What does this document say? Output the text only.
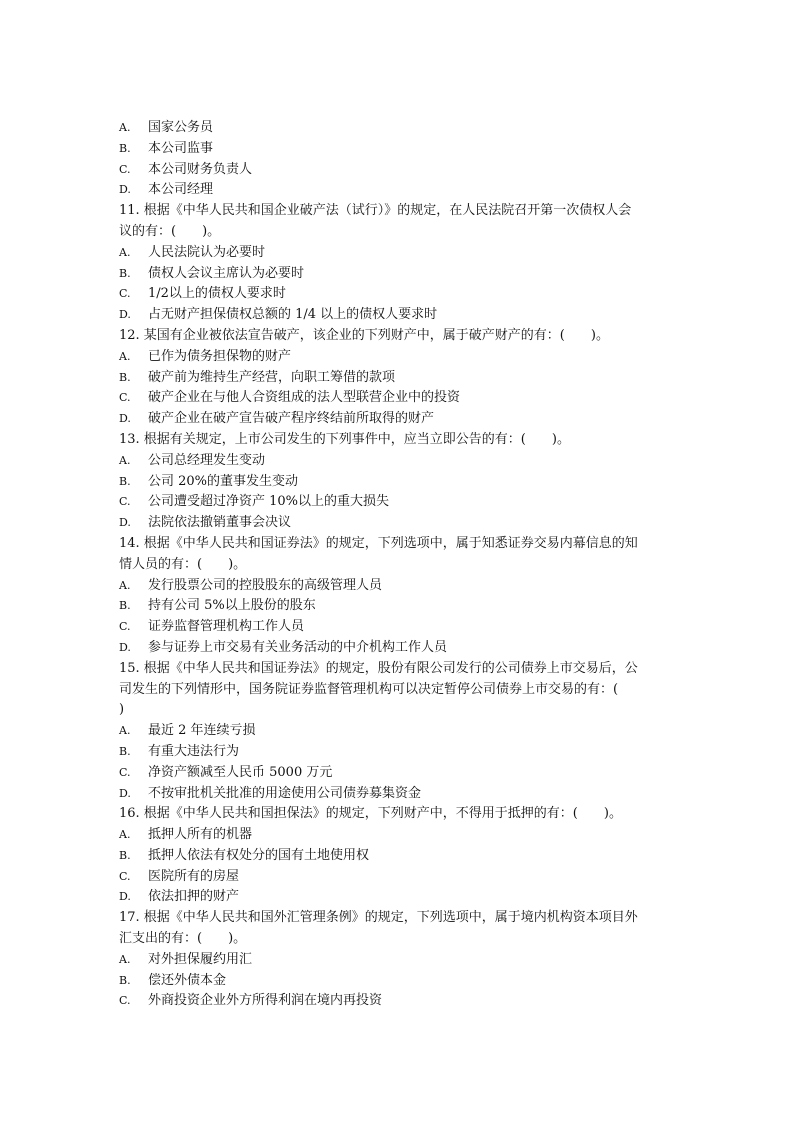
A. 国家公务员
B. 本公司监事
C. 本公司财务负责人
D. 本公司经理
11. 根据《中华人民共和国企业破产法（试行）》的规定，在人民法院召开第一次债权人会
议的有：(　　)。
A. 人民法院认为必要时
B. 债权人会议主席认为必要时
C. 1/2以上的债权人要求时
D. 占无财产担保债权总额的 1/4 以上的债权人要求时
12. 某国有企业被依法宣告破产，该企业的下列财产中，属于破产财产的有：(　　)。
A. 已作为债务担保物的财产
B. 破产前为维持生产经营，向职工筹借的款项
C. 破产企业在与他人合资组成的法人型联营企业中的投资
D. 破产企业在破产宣告破产程序终结前所取得的财产
13. 根据有关规定，上市公司发生的下列事件中，应当立即公告的有：(　　)。
A. 公司总经理发生变动
B. 公司 20%的董事发生变动
C. 公司遭受超过净资产 10%以上的重大损失
D. 法院依法撤销董事会决议
14. 根据《中华人民共和国证券法》的规定，下列选项中，属于知悉证券交易内幕信息的知
情人员的有：(　　)。
A. 发行股票公司的控股股东的高级管理人员
B. 持有公司 5%以上股份的股东
C. 证券监督管理机构工作人员
D. 参与证券上市交易有关业务活动的中介机构工作人员
15. 根据《中华人民共和国证券法》的规定，股份有限公司发行的公司债券上市交易后，公
司发生的下列情形中，国务院证券监督管理机构可以决定暂停公司债券上市交易的有：(
)
A. 最近 2 年连续亏损
B. 有重大违法行为
C. 净资产额减至人民币 5000 万元
D. 不按审批机关批准的用途使用公司债券募集资金
16. 根据《中华人民共和国担保法》的规定，下列财产中，不得用于抵押的有：(　　)。
A. 抵押人所有的机器
B. 抵押人依法有权处分的国有土地使用权
C. 医院所有的房屋
D. 依法扣押的财产
17. 根据《中华人民共和国外汇管理条例》的规定，下列选项中，属于境内机构资本项目外
汇支出的有：(　　)。
A. 对外担保履约用汇
B. 偿还外债本金
C. 外商投资企业外方所得利润在境内再投资
